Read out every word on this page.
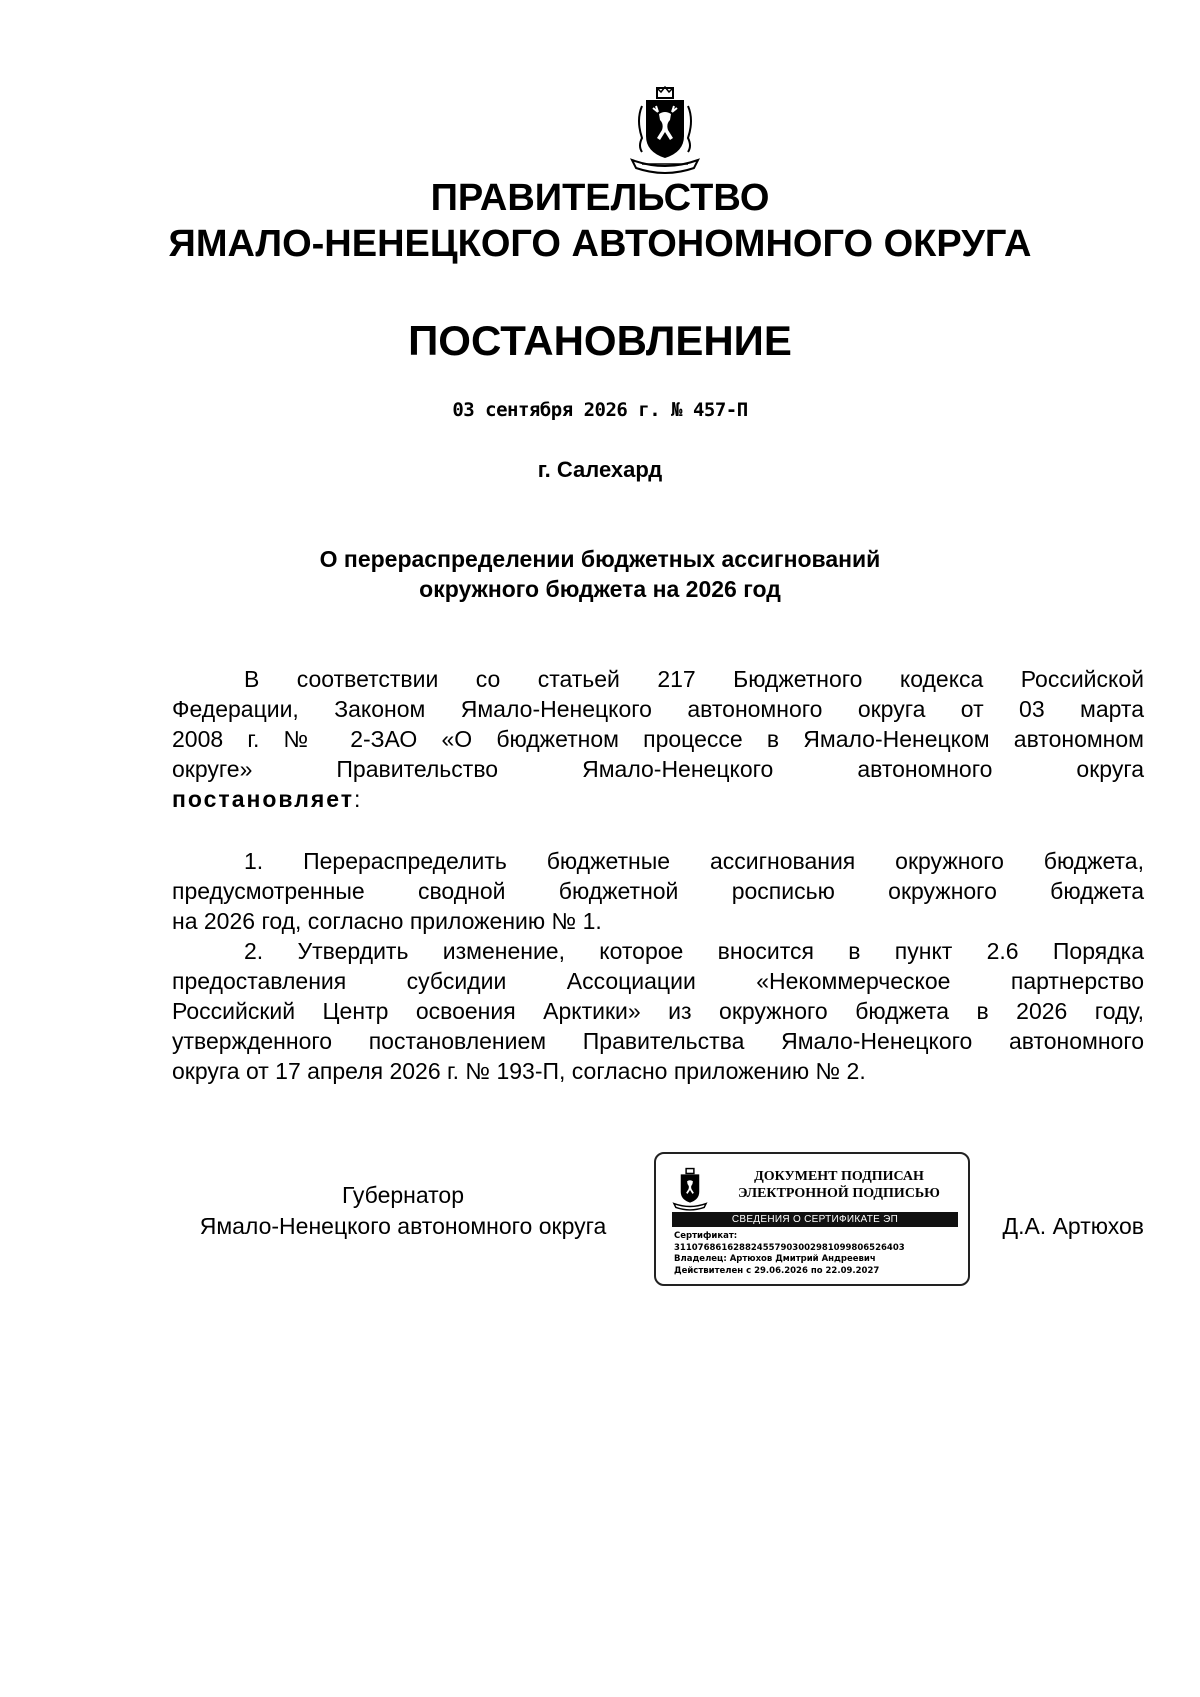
ПРАВИТЕЛЬСТВО
ЯМАЛО-НЕНЕЦКОГО АВТОНОМНОГО ОКРУГА
ПОСТАНОВЛЕНИЕ
03 сентября 2026 г. № 457-П
г. Салехард
О перераспределении бюджетных ассигнований
окружного бюджета на 2026 год
В соответствии со статьей 217 Бюджетного кодекса Российской
Федерации, Законом Ямало-Ненецкого автономного округа от 03 марта
2008 г. № 2-ЗАО «О бюджетном процессе в Ямало-Ненецком автономном
округе» Правительство Ямало-Ненецкого автономного округа
постановляет:
1. Перераспределить бюджетные ассигнования окружного бюджета,
предусмотренные сводной бюджетной росписью окружного бюджета
на 2026 год, согласно приложению № 1.
2. Утвердить изменение, которое вносится в пункт 2.6 Порядка
предоставления субсидии Ассоциации «Некоммерческое партнерство
Российский Центр освоения Арктики» из окружного бюджета в 2026 году,
утвержденного постановлением Правительства Ямало-Ненецкого автономного
округа от 17 апреля 2026 г. № 193-П, согласно приложению № 2.
Губернатор
Ямало-Ненецкого автономного округа	Д.А. Артюхов
ДОКУМЕНТ ПОДПИСАН
ЭЛЕКТРОННОЙ ПОДПИСЬЮ
СВЕДЕНИЯ О СЕРТИФИКАТЕ ЭП
Сертификат:
311076861628824557903002981099806526403
Владелец: Артюхов Дмитрий Андреевич
Действителен с 29.06.2026 по 22.09.2027
